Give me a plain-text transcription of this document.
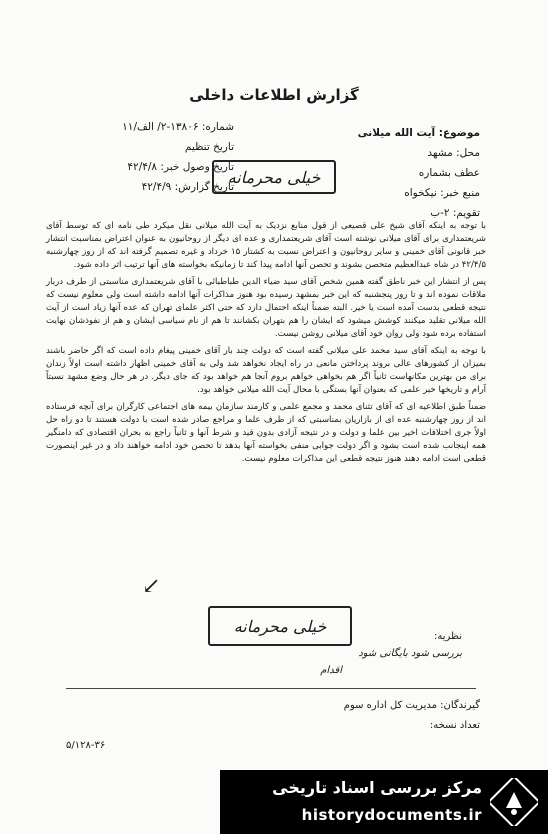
گزارش اطلاعات داخلی
موضوع: آیت الله میلانی
محل: مشهد
عطف بشماره
منبع خبر: نیکخواه
تقویم: ۲-ب
شماره: ۱۳۸۰۶-۲/ الف/۱۱
تاریخ تنظیم
تاریخ وصول خبر: ۴۲/۴/۸
تاریخ گزارش: ۴۲/۴/۹
خیلی محرمانه

با توجه به اینکه آقای شیخ علی قصیعی از قول منابع نزدیک به آیت الله میلانی نقل میکرد طی نامه ای که توسط آقای شریعتمداری برای آقای میلانی نوشته است آقای شریعتمداری و عده ای دیگر از روحانیون به عنوان اعتراض بمناسبت انتشار خبر قانونی آقای خمینی و سایر روحانیون و اعتراض نسبت به کشتار ۱۵ خرداد و غیره تصمیم گرفته اند که از روز چهارشنبه ۴۲/۴/۵ در شاه عبدالعظیم متحصن بشوند و تحصن آنها ادامه پیدا کند تا زمانیکه بخواسته های آنها ترتیب اثر داده شود.

پس از انتشار این خبر ناطق گفته همین شخص آقای سید ضیاء الدین طباطبائی با آقای شریعتمداری مناسبتی از طرف دربار ملاقات نموده اند و تا روز پنجشنبه که این خبر بمشهد رسیده بود هنوز مذاکرات آنها ادامه داشته است ولی معلوم نیست که نتیجه قطعی بدست آمده است یا خیر. البته ضمناً اینکه احتمال دارد که حتی اکثر علمای تهران که عده آنها زیاد است از آیت الله میلانی تقلید میکنند کوشش میشود که ایشان را هم بتهران بکشانند تا هم از نام سیاسی ایشان و هم از نفوذشان نهایت استفاده برده شود ولی روان خود آقای میلانی روشن نیست.

با توجه به اینکه آقای سید محمد علی میلانی گفته است که دولت چند بار آقای خمینی پیغام داده است که اگر حاضر باشند بمیزان از کشورهای عالی بروند پرداختن مانعی در راه ایجاد نخواهد شد ولی به آقای خمینی اظهار داشته است اولاً زندان برای من بهترین مکانهاست ثانیاً اگر هم بخواهی خواهم بروم آنجا هم خواهد بود که جای دیگر. در هر حال وضع مشهد نسبتاً آرام و تاریخها خبر علمی که بعنوان آنها بستگی با محال آیت الله میلانی خواهد بود.

ضمناً طبق اطلاعیه ای که آقای تثنای محمد و مجمع علمی و کارمند سازمان بیمه های اجتماعی کارگران برای آنچه فرستاده اند از روز چهارشنبه عده ای از بازاریان بمناسبتی که از طرف علما و مراجع صادر شده است با دولت هستند تا دو راه حل اولاً جری اختلافات اخیر بین علما و دولت و در نتیجه آزادی بدون قید و شرط آنها و ثانیاً راجع به بحران اقتصادی که دامنگیر همه اینجانب شده است بشود و اگر دولت جوابی منفی بخواسته آنها بدهد تا تحصن خود ادامه خواهند داد و در غیر اینصورت قطعی است ادامه دهند هنوز نتیجه قطعی این مذاکرات معلوم نیست.

↙
خیلی محرمانه
نظریه:
بررسی شود بایگانی شود
اقدام
گیرندگان: مدیریت کل اداره سوم
تعداد نسخه:
۵/۱۲۸-۳۶
مرکز بررسی اسناد تاریخی
historydocuments.ir
